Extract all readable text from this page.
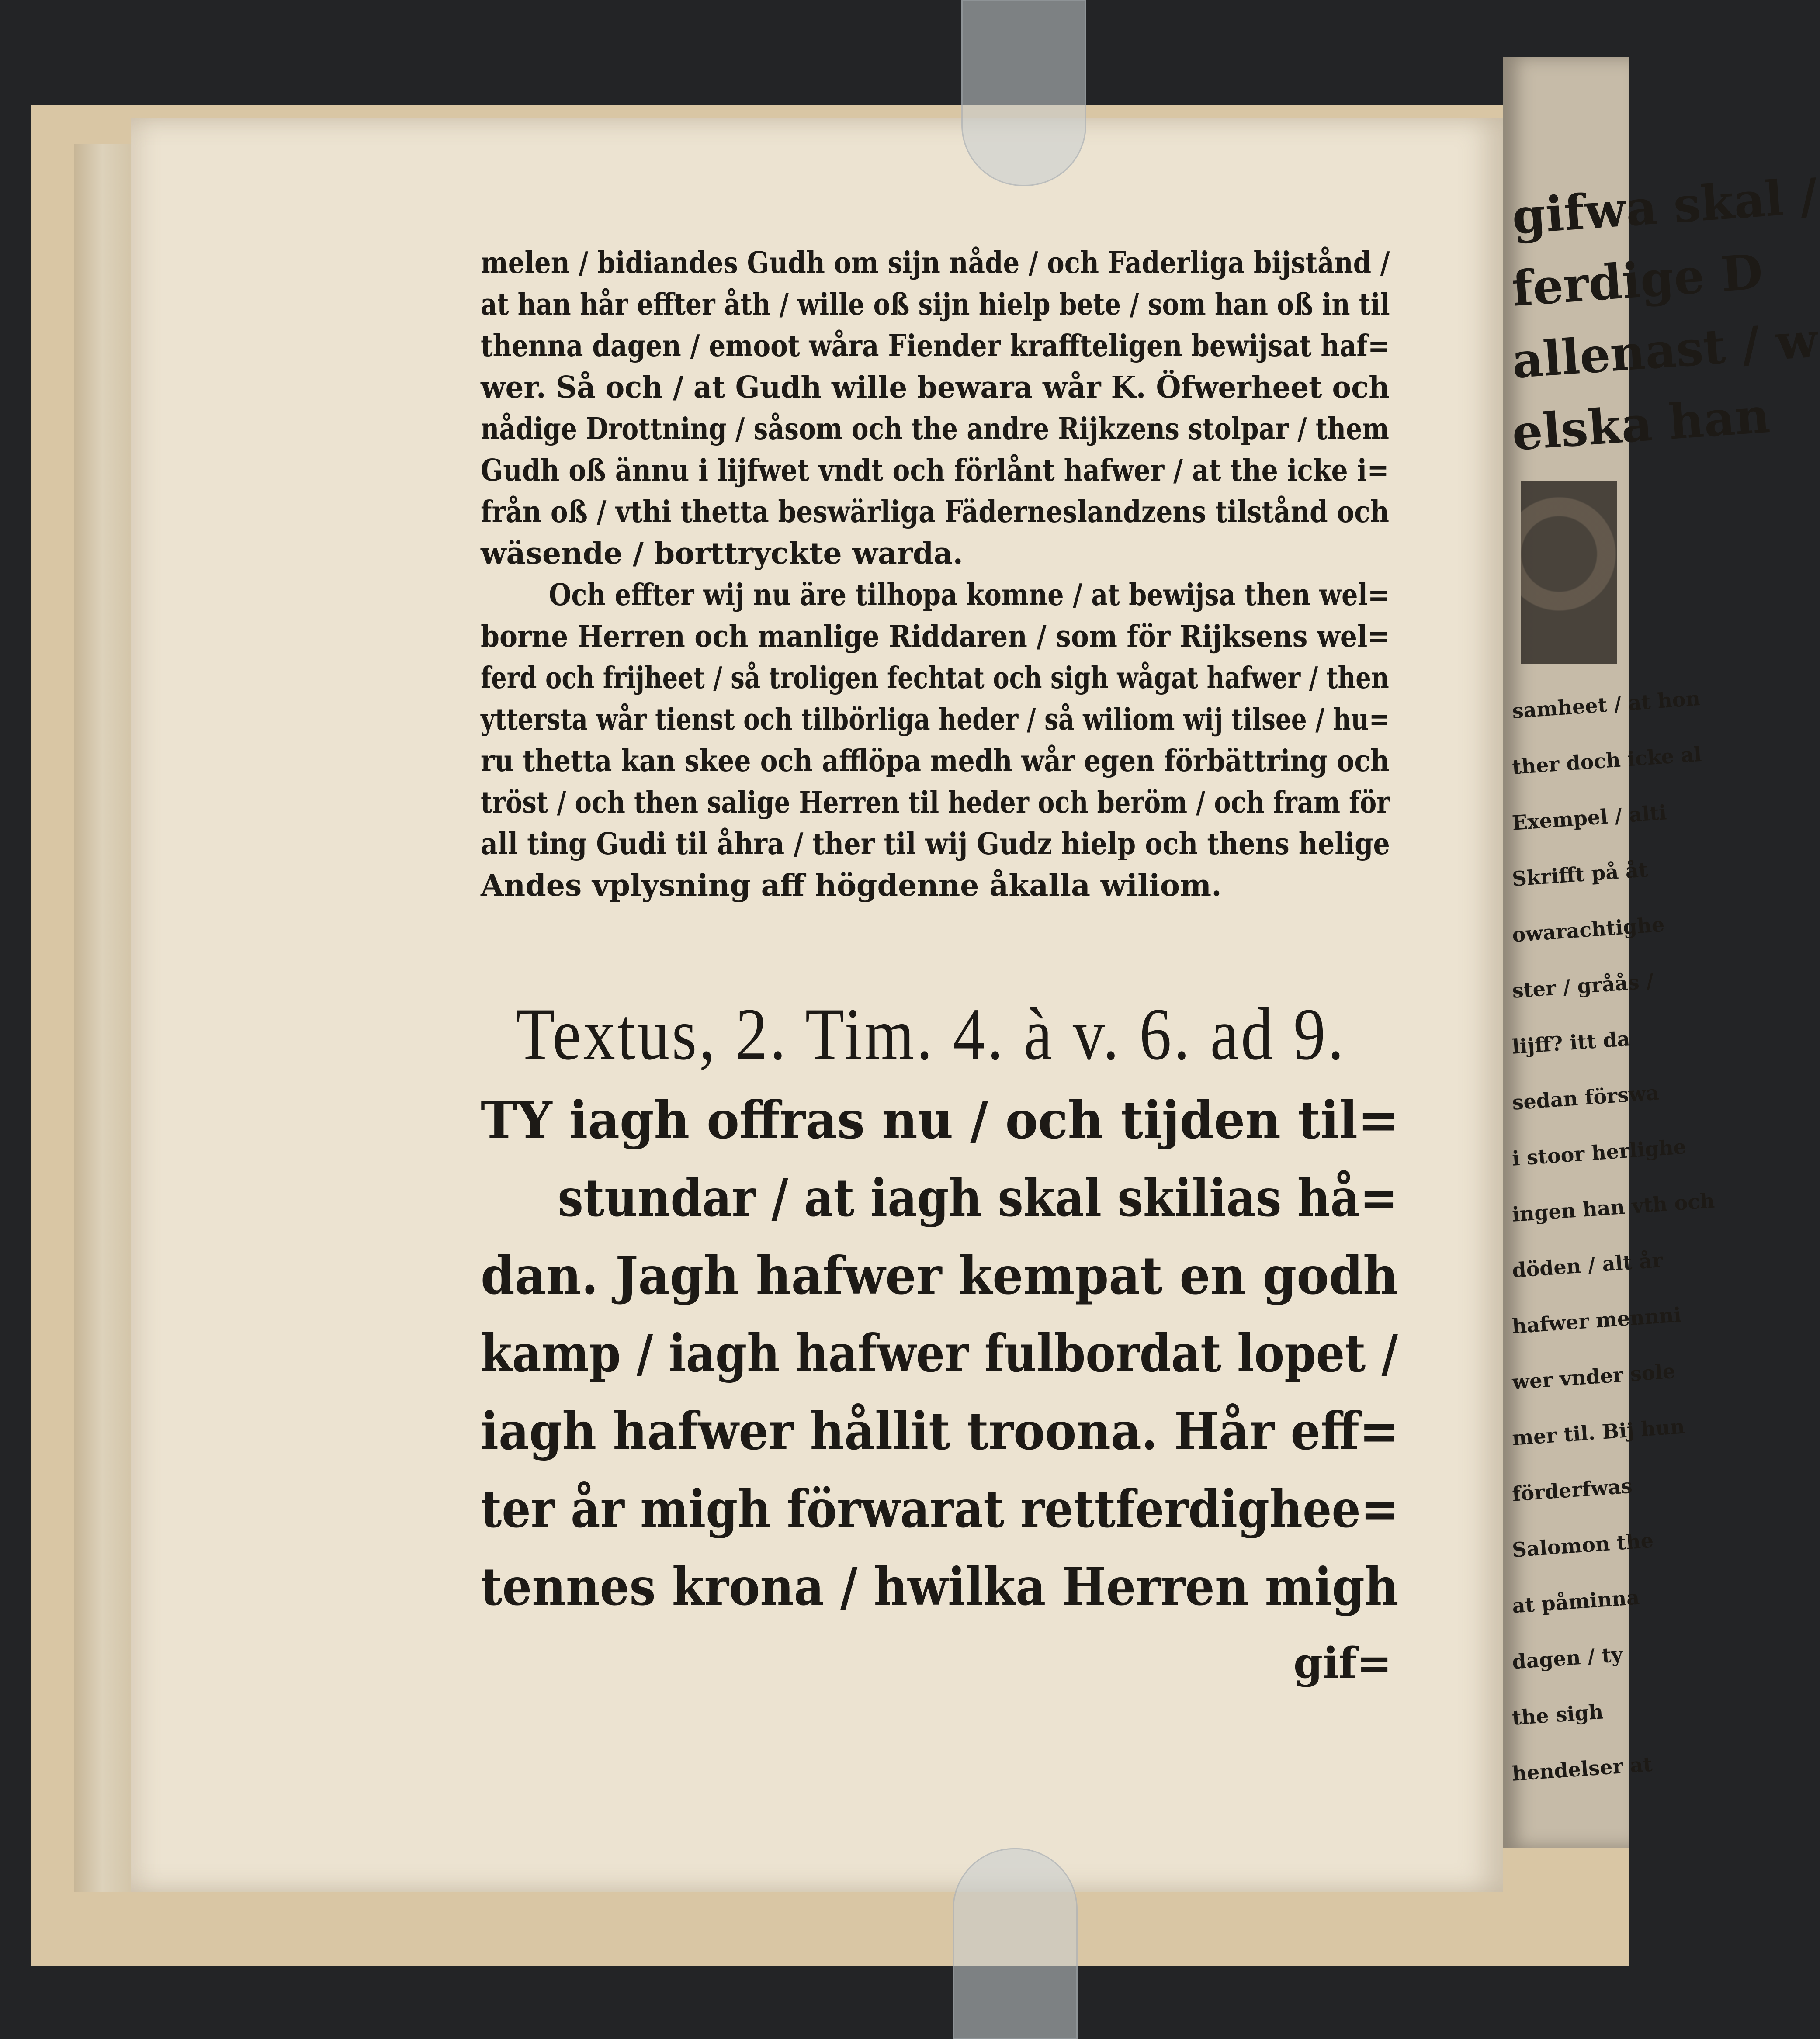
gifwa skal /
ferdige D
allenast / w
elska han
samheet / at hon
ther doch icke al
Exempel / alti
Skrifft på åt
owarachtighe
ster / gråås /
lijff? itt da
sedan förswa
i stoor herlighe
ingen han vth och
döden / alt år
hafwer mennni
wer vnder sole
mer til. Bij hun
förderfwas
Salomon the
at påminna
dagen / ty
the sigh
hendelser at
melen / bidiandes Gudh om sijn nåde / och Faderliga bijstånd /
at han hår effter åth / wille oß sijn hielp bete / som han oß in til
thenna dagen / emoot wåra Fiender kraffteligen bewijsat haf=
wer. Så och / at Gudh wille bewara wår K. Öfwerheet och
nådige Drottning / såsom och the andre Rijkzens stolpar / them
Gudh oß ännu i lijfwet vndt och förlånt hafwer / at the icke i=
från oß / vthi thetta beswärliga Fäderneslandzens tilstånd och
wäsende / borttryckte warda.
Och effter wij nu äre tilhopa komne / at bewijsa then wel=
borne Herren och manlige Riddaren / som för Rijksens wel=
ferd och frijheet / så troligen fechtat och sigh wågat hafwer / then
yttersta wår tienst och tilbörliga heder / så wiliom wij tilsee / hu=
ru thetta kan skee och afflöpa medh wår egen förbättring och
tröst / och then salige Herren til heder och beröm / och fram för
all ting Gudi til åhra / ther til wij Gudz hielp och thens helige
Andes vplysning aff högdenne åkalla wiliom.
Textus, 2. Tim. 4. à v. 6. ad 9.
TY iagh offras nu / och tijden til=
stundar / at iagh skal skilias hå=
dan. Jagh hafwer kempat en godh
kamp / iagh hafwer fulbordat lopet /
iagh hafwer hållit troona. Hår eff=
ter år migh förwarat rettferdighee=
tennes krona / hwilka Herren migh
gif=
